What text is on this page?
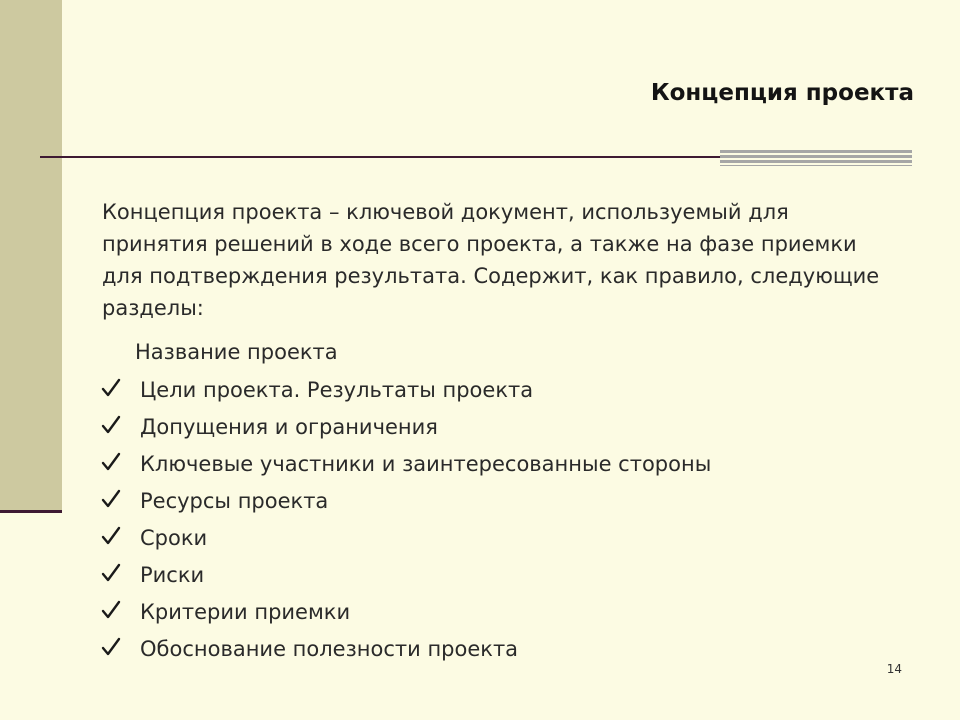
Концепция проекта

Концепция проекта – ключевой документ, используемый для принятия решений в ходе всего проекта, а также на фазе приемки для подтверждения результата. Содержит, как правило, следующие разделы:

Название проекта

Цели проекта. Результаты проекта
Допущения и ограничения
Ключевые участники и заинтересованные стороны
Ресурсы проекта
Сроки
Риски
Критерии приемки
Обоснование полезности проекта
14
